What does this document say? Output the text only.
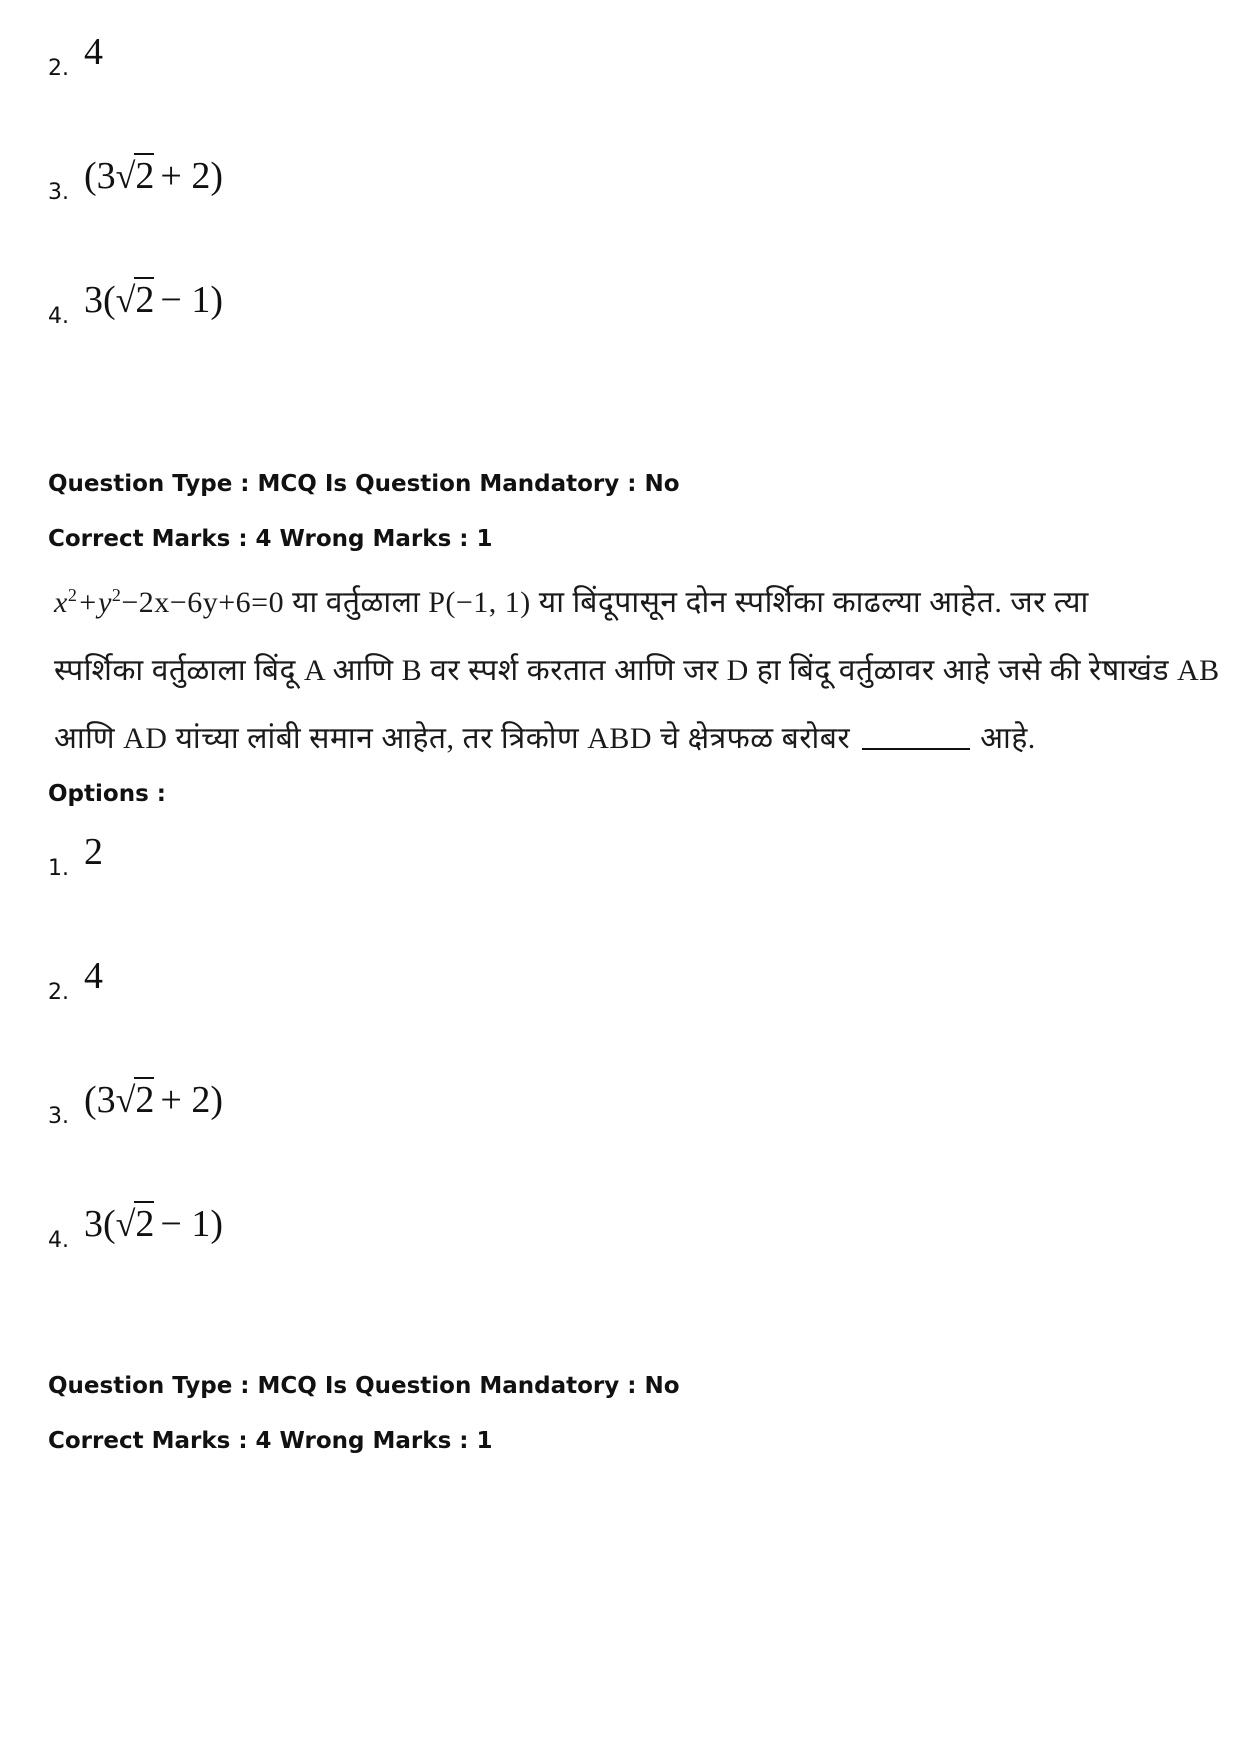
2. 4
3. (3√2 + 2)
4. 3(√2 − 1)
Question Type : MCQ Is Question Mandatory : No
Correct Marks : 4 Wrong Marks : 1
$x^2+y^2-2x-6y+6=0$ या वर्तुळाला P(−1, 1) या बिंदूपासून दोन स्पर्शिका काढल्या आहेत. जर त्या
स्पर्शिका वर्तुळाला बिंदू A आणि B वर स्पर्श करतात आणि जर D हा बिंदू वर्तुळावर आहे जसे की रेषाखंड AB
आणि AD यांच्या लांबी समान आहेत, तर त्रिकोण ABD चे क्षेत्रफळ बरोबर	आहे.
Options :
1. 2
2. 4
3. (3√2 + 2)
4. 3(√2 − 1)
Question Type : MCQ Is Question Mandatory : No
Correct Marks : 4 Wrong Marks : 1
